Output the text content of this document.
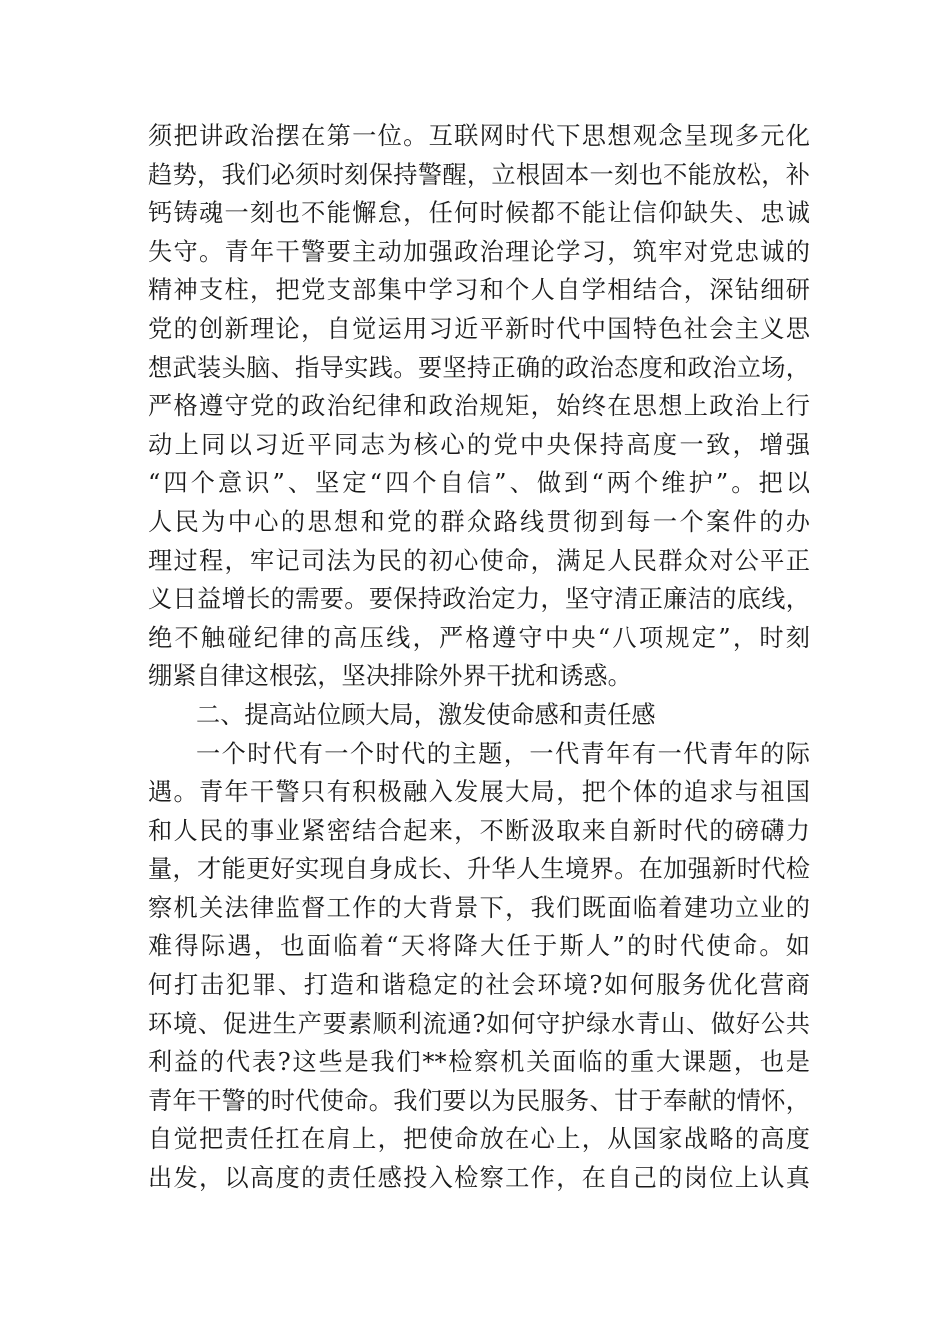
须把讲政治摆在第一位。互联网时代下思想观念呈现多元化
趋势，我们必须时刻保持警醒，立根固本一刻也不能放松，补
钙铸魂一刻也不能懈怠，任何时候都不能让信仰缺失、忠诚
失守。青年干警要主动加强政治理论学习，筑牢对党忠诚的
精神支柱，把党支部集中学习和个人自学相结合，深钻细研
党的创新理论，自觉运用习近平新时代中国特色社会主义思
想武装头脑、指导实践。要坚持正确的政治态度和政治立场，
严格遵守党的政治纪律和政治规矩，始终在思想上政治上行
动上同以习近平同志为核心的党中央保持高度一致，增强
“四个意识”、坚定“四个自信”、做到“两个维护”。把以
人民为中心的思想和党的群众路线贯彻到每一个案件的办
理过程，牢记司法为民的初心使命，满足人民群众对公平正
义日益增长的需要。要保持政治定力，坚守清正廉洁的底线，
绝不触碰纪律的高压线，严格遵守中央“八项规定”，时刻
绷紧自律这根弦，坚决排除外界干扰和诱惑。
二、提高站位顾大局，激发使命感和责任感
一个时代有一个时代的主题，一代青年有一代青年的际
遇。青年干警只有积极融入发展大局，把个体的追求与祖国
和人民的事业紧密结合起来，不断汲取来自新时代的磅礴力
量，才能更好实现自身成长、升华人生境界。在加强新时代检
察机关法律监督工作的大背景下，我们既面临着建功立业的
难得际遇，也面临着“天将降大任于斯人”的时代使命。如
何打击犯罪、打造和谐稳定的社会环境?如何服务优化营商
环境、促进生产要素顺利流通?如何守护绿水青山、做好公共
利益的代表?这些是我们**检察机关面临的重大课题，也是
青年干警的时代使命。我们要以为民服务、甘于奉献的情怀，
自觉把责任扛在肩上，把使命放在心上，从国家战略的高度
出发，以高度的责任感投入检察工作，在自己的岗位上认真
